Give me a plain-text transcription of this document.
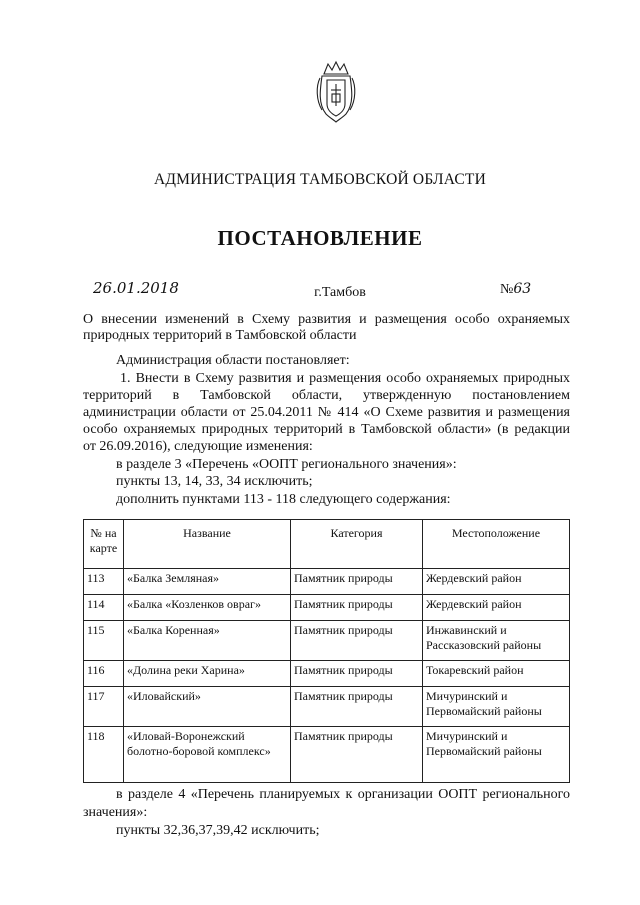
АДМИНИСТРАЦИЯ ТАМБОВСКОЙ ОБЛАСТИ
ПОСТАНОВЛЕНИЕ
26.01.2018	г.Тамбов	№63
О внесении изменений в Схему развития и размещения особо охраняемых
природных территорий в Тамбовской области
Администрация области постановляет:
1. Внести в Схему развития и размещения особо охраняемых природных
территорий в Тамбовской области, утвержденную постановлением
администрации области от 25.04.2011 № 414 «О Схеме развития и размещения
особо охраняемых природных территорий в Тамбовской области» (в редакции
от 26.09.2016), следующие изменения:
в разделе 3 «Перечень «ООПТ регионального значения»:
пункты 13, 14, 33, 34 исключить;
дополнить пунктами 113 - 118 следующего содержания:
№ на карте	Название	Категория	Местоположение
113	«Балка Земляная»	Памятник природы	Жердевский район
114	«Балка «Козленков овраг»	Памятник природы	Жердевский район
115	«Балка Коренная»	Памятник природы	Инжавинский и Рассказовский районы
116	«Долина реки Харина»	Памятник природы	Токаревский район
117	«Иловайский»	Памятник природы	Мичуринский и Первомайский районы
118	«Иловай-Воронежский болотно-боровой комплекс»	Памятник природы	Мичуринский и Первомайский районы
в разделе 4 «Перечень планируемых к организации ООПТ регионального
значения»:
пункты 32,36,37,39,42 исключить;
